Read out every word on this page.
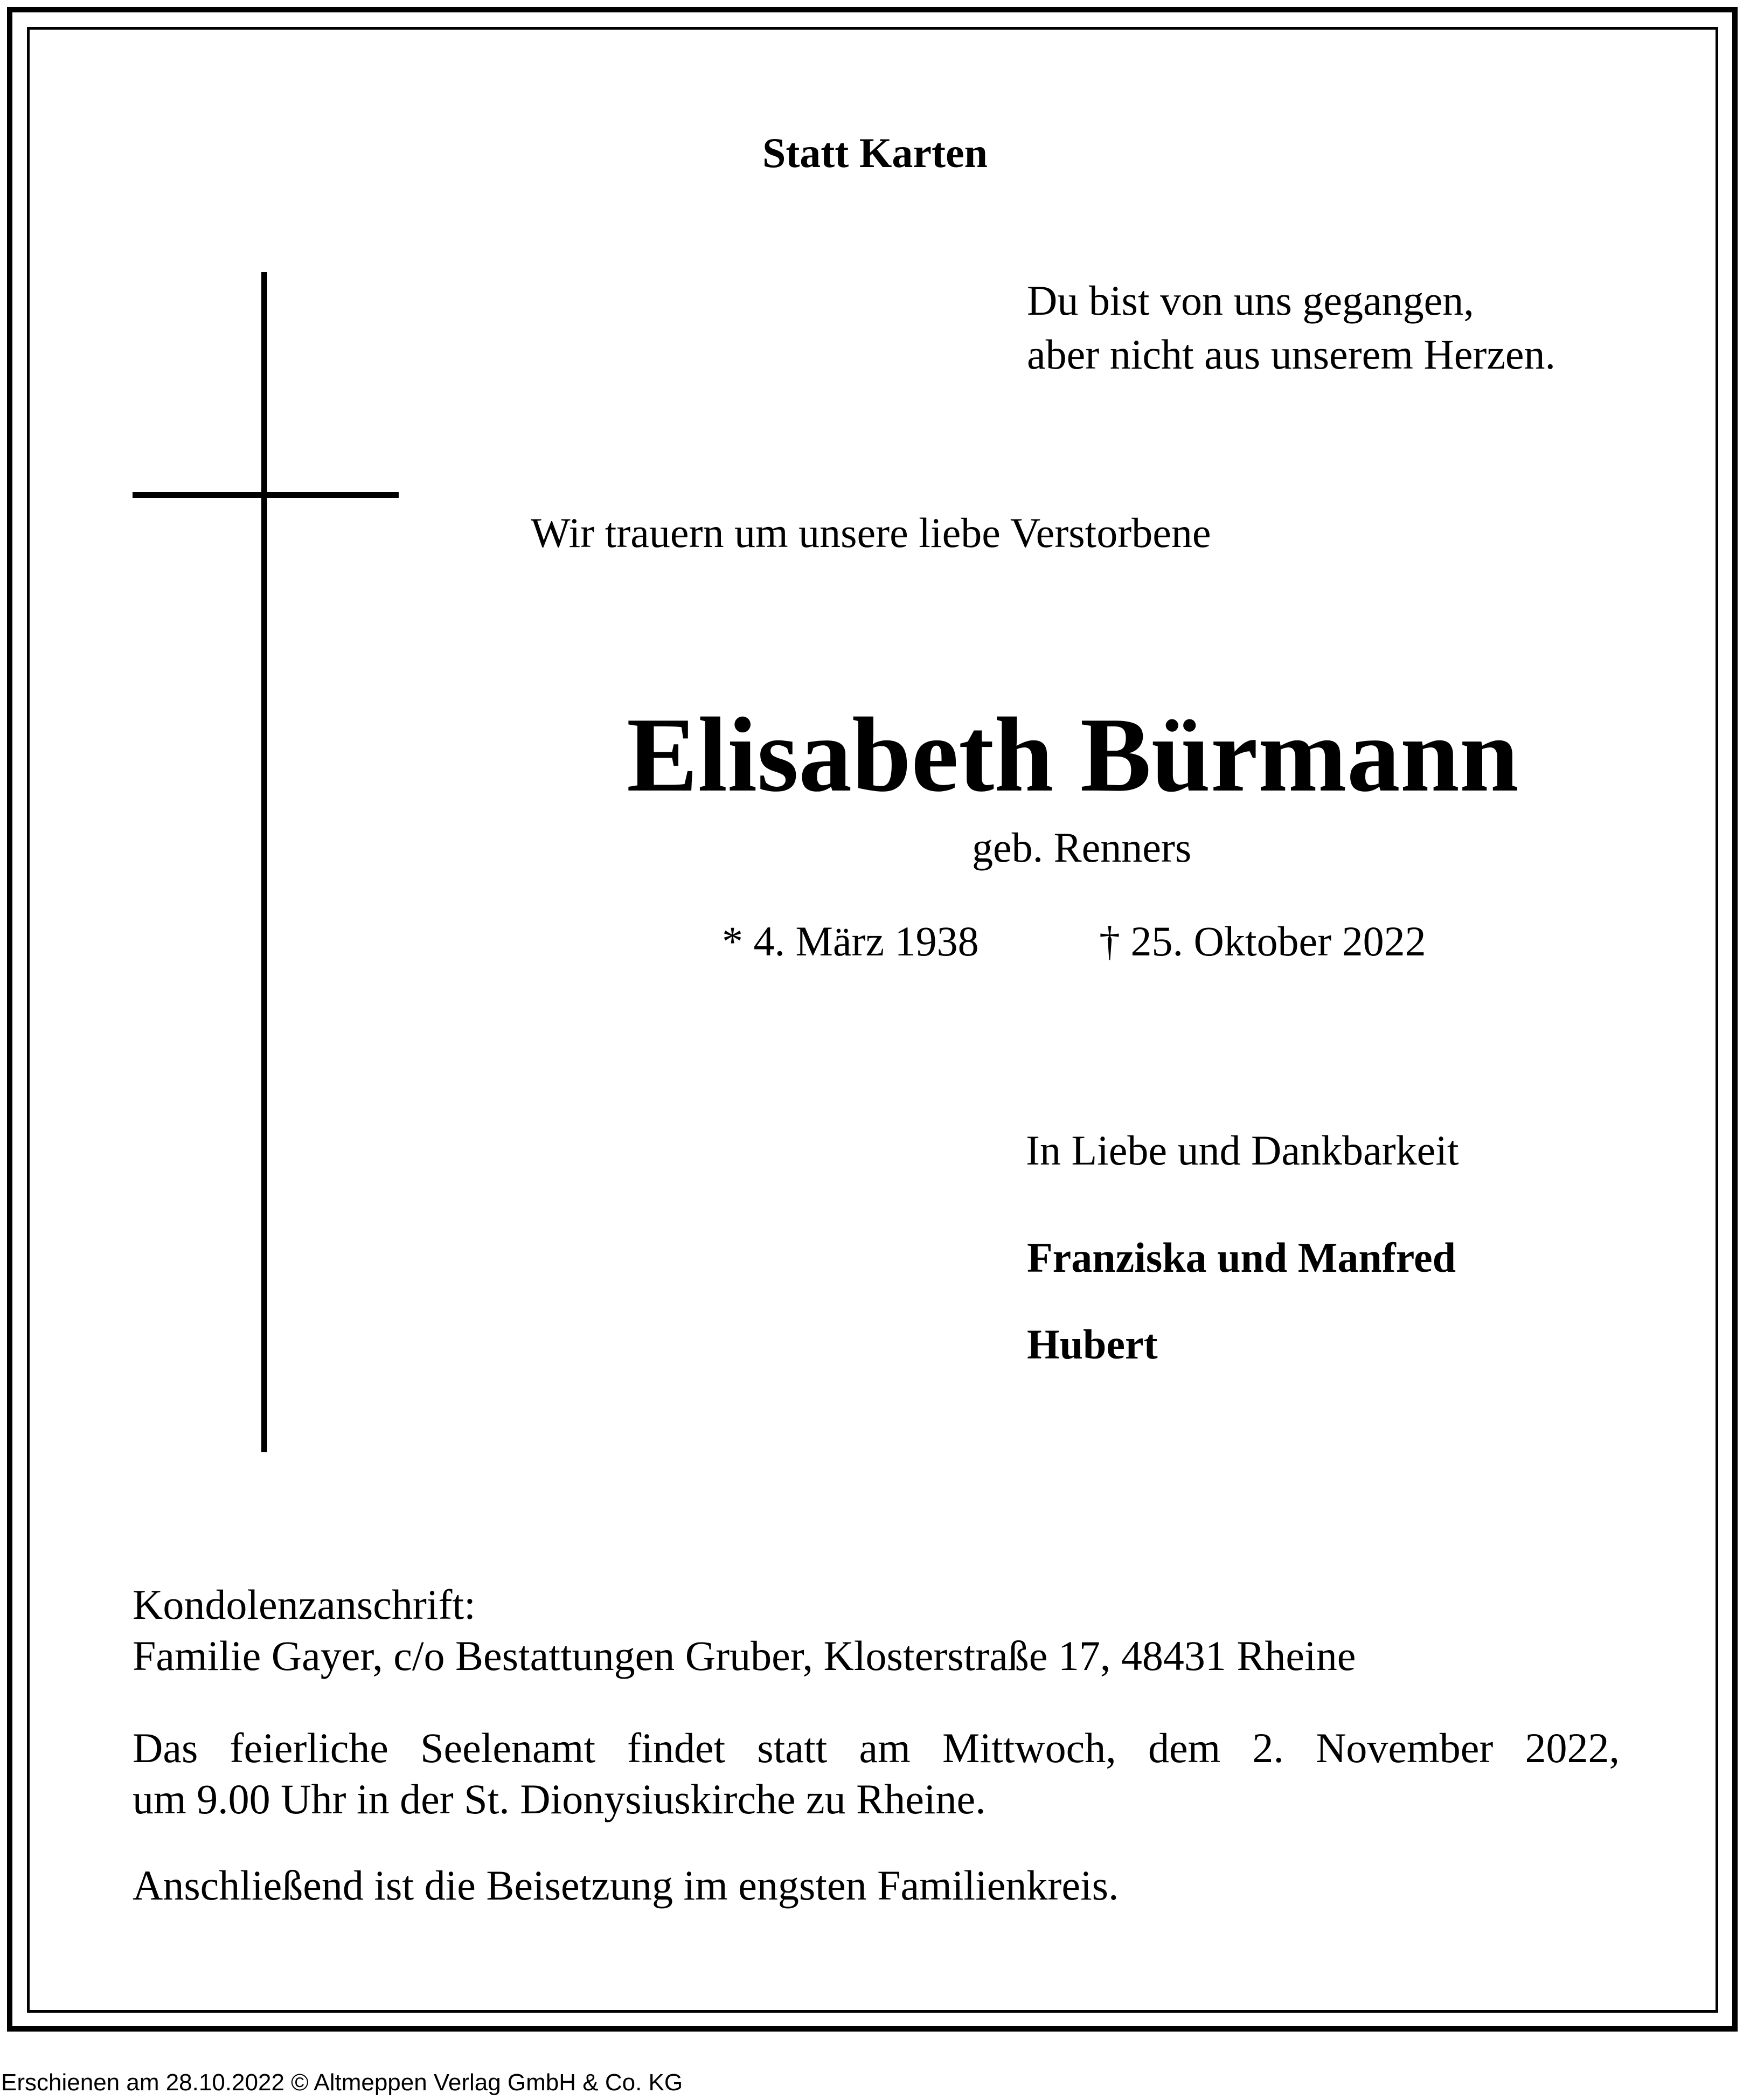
Statt Karten
Du bist von uns gegangen,
aber nicht aus unserem Herzen.
Wir trauern um unsere liebe Verstorbene
Elisabeth Bürmann
geb. Renners
* 4. März 1938	† 25. Oktober 2022
In Liebe und Dankbarkeit
Franziska und Manfred
Hubert
Kondolenzanschrift:
Familie Gayer, c/o Bestattungen Gruber, Klosterstraße 17, 48431 Rheine
Das feierliche Seelenamt findet statt am Mittwoch, dem 2. November 2022,
um 9.00 Uhr in der St. Dionysiuskirche zu Rheine.
Anschließend ist die Beisetzung im engsten Familienkreis.
Erschienen am 28.10.2022 © Altmeppen Verlag GmbH & Co. KG
